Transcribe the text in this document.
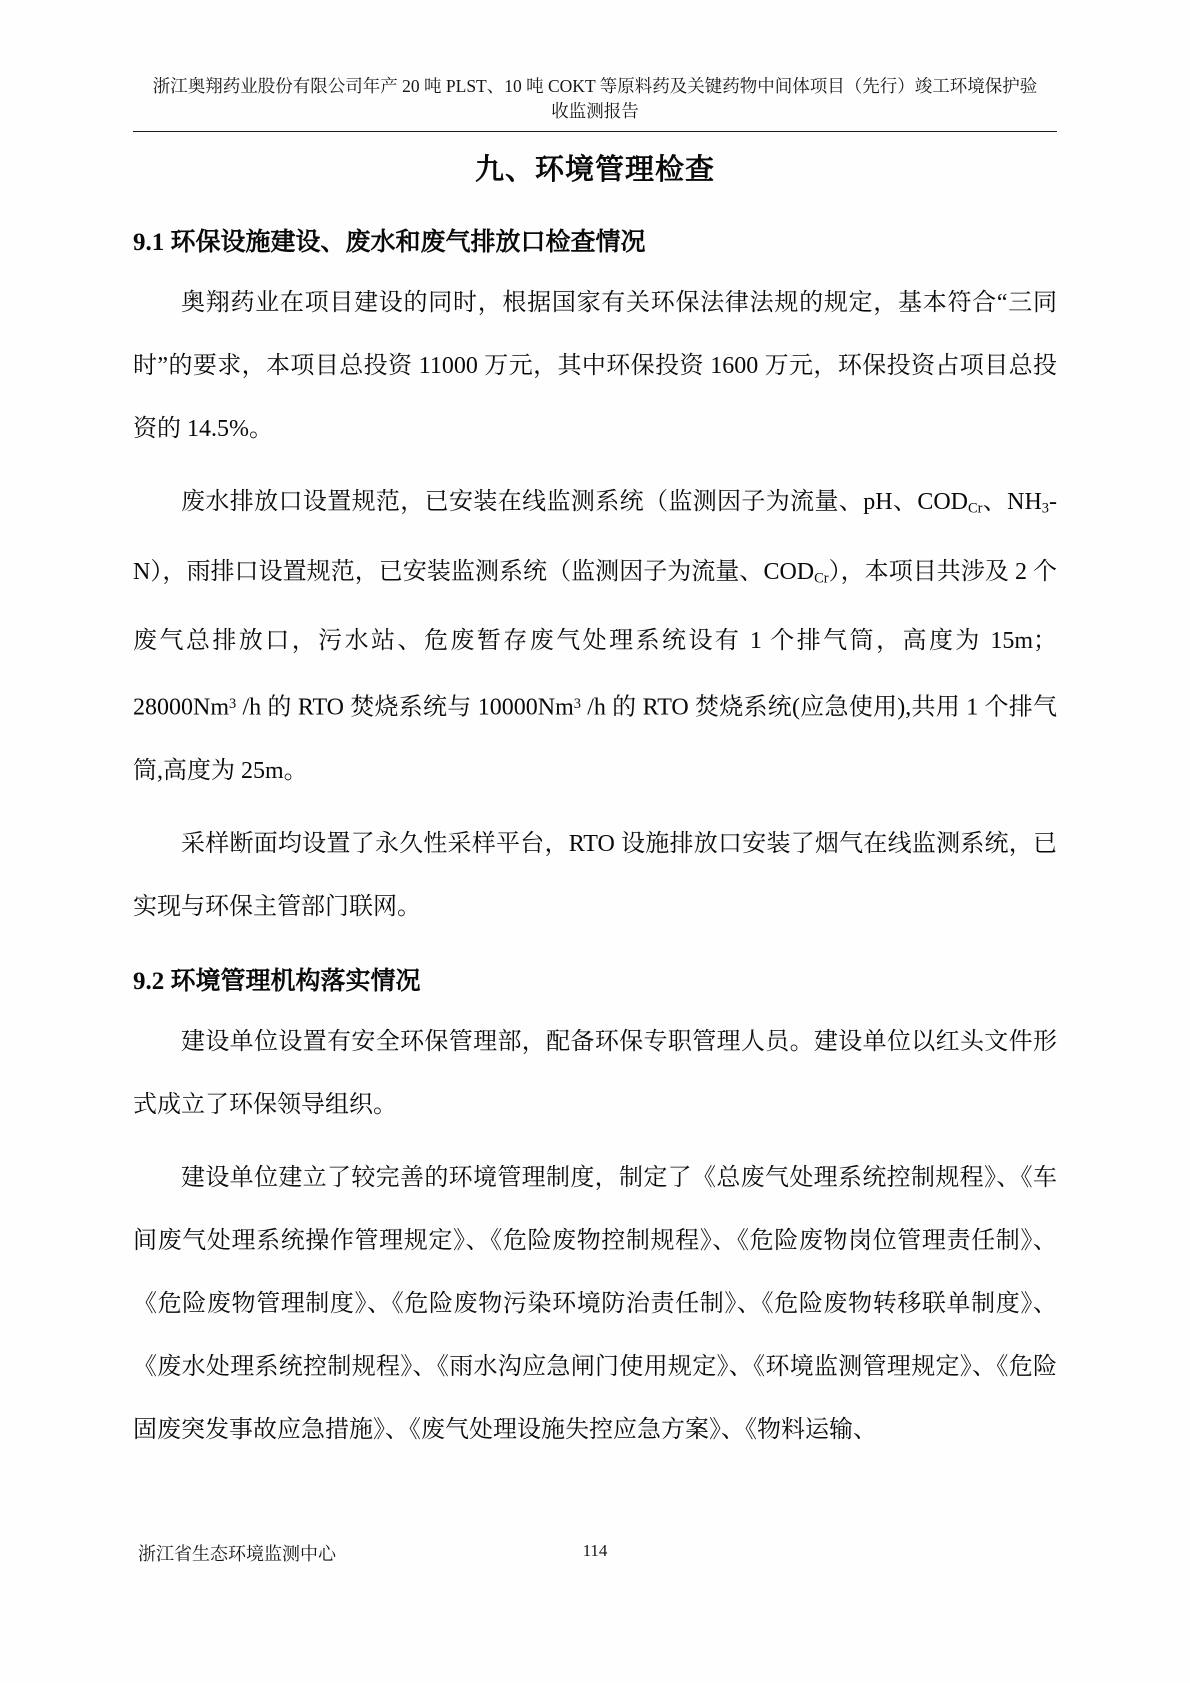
浙江奥翔药业股份有限公司年产 20 吨 PLST、10 吨 COKT 等原料药及关键药物中间体项目（先行）竣工环境保护验
收监测报告
九、环境管理检查
9.1 环保设施建设、废水和废气排放口检查情况

奥翔药业在项目建设的同时，根据国家有关环保法律法规的规定，基本符合“三同时”的要求，本项目总投资 11000 万元，其中环保投资 1600 万元，环保投资占项目总投资的 14.5%。

废水排放口设置规范，已安装在线监测系统（监测因子为流量、pH、$COD_{Cr}$、$NH_3-N$），雨排口设置规范，已安装监测系统（监测因子为流量、$COD_{Cr}$），本项目共涉及 2 个废气总排放口，污水站、危废暂存废气处理系统设有 1 个排气筒，高度为 15m；28000Nm$^3$ /h 的 RTO 焚烧系统与 10000Nm$^3$ /h 的 RTO 焚烧系统(应急使用),共用 1 个排气筒,高度为 25m。

采样断面均设置了永久性采样平台，RTO 设施排放口安装了烟气在线监测系统，已实现与环保主管部门联网。

9.2 环境管理机构落实情况

建设单位设置有安全环保管理部，配备环保专职管理人员。建设单位以红头文件形式成立了环保领导组织。

建设单位建立了较完善的环境管理制度，制定了《总废气处理系统控制规程》、《车间废气处理系统操作管理规定》、《危险废物控制规程》、《危险废物岗位管理责任制》、《危险废物管理制度》、《危险废物污染环境防治责任制》、《危险废物转移联单制度》、《废水处理系统控制规程》、《雨水沟应急闸门使用规定》、《环境监测管理规定》、《危险固废突发事故应急措施》、《废气处理设施失控应急方案》、《物料运输、

浙江省生态环境监测中心	114
